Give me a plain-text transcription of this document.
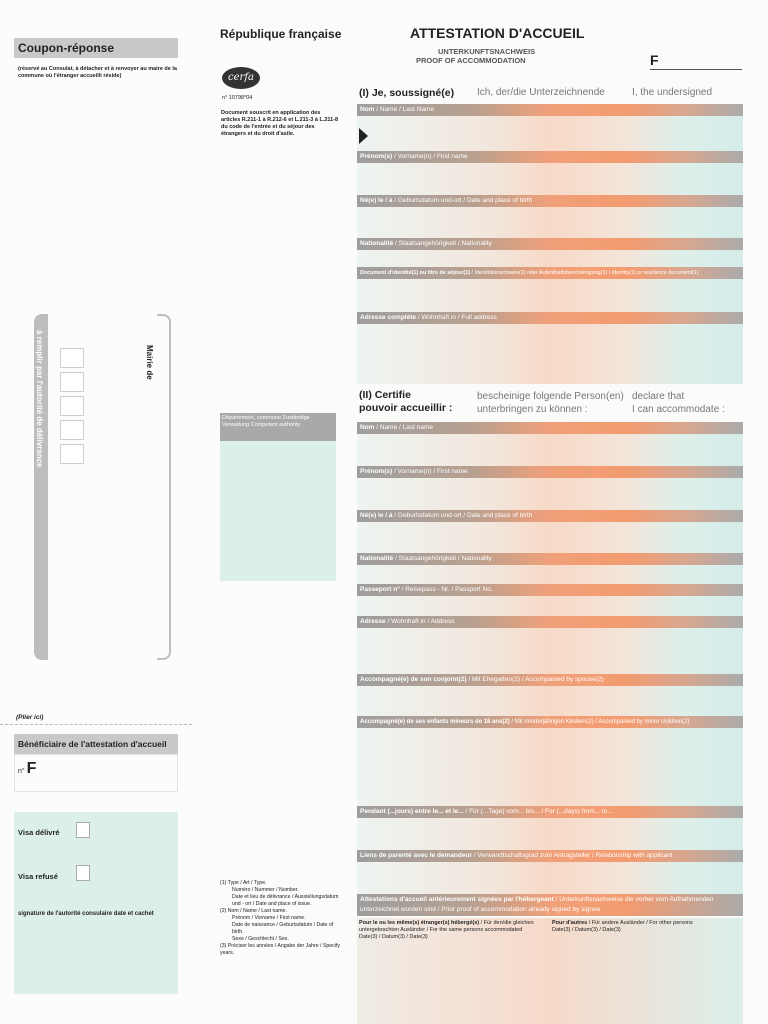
Coupon-réponse
(réservé au Consulat, à détacher et à renvoyer au maire de la commune où l'étranger accueilli réside)
à remplir par l'autorité de délivrance	Mairie de
(Plier ici)
Bénéficiaire de l'attestation d'accueil
n° F
Visa délivré
Visa refusé
signature de l'autorité consulaire date et cachet
République française	ATTESTATION D'ACCUEIL
UNTERKUNFTSNACHWEIS
PROOF OF ACCOMMODATION	F
cerfa
n° 10798*04
Document souscrit en application des articles R.211-1 à R.212-6 et L.211-3 à L.211-8 du code de l'entrée et du séjour des étrangers et du droit d'asile.
(I) Je, soussigné(e) Ich, der/die Unterzeichnende	I, the undersigned
Nom / Name / Last Name
Prénom(s) / Vorname(n) / First name
Né(e) le / à / Geburtsdatum und-ort / Date and place of birth
Nationalité / Staatsangehörigkeit / Nationality
Document d'identité(1) ou titre de séjour(1) / Identitätsnachweis(1) oder Aufenthaltsbescheinigung(1) / Identity(1) or residence document(1)
Adresse complète / Wohnhaft in / Full address
(II) Certifie
pouvoir accueillir :
bescheinige folgende Person(en)
unterbringen zu können :
declare that
I can accommodate :
Département, commune Zuständige Verwaltung Competent authority	Nom / Name / Last name
Prénom(s) / Vorname(n) / First name
Né(e) le / à / Geburtsdatum und-ort / Date and place of birth
Nationalité / Staatsangehörigkeit / Nationality
Passeport n° / Reisepass - Nr. / Passport No.
Adresse / Wohnhaft in / Address
Accompagné(e) de son conjoint(2) / Mit Ehegatten(2) / Accompanied by spouse(2)
Accompagné(e) de ses enfants mineurs de 18 ans(2) / Mit minderjährigen Kindern(2) / Accompanied by minor children(2)
Pendant (...jours) entre le... et le... / Für (...Tage) vom... bis... / For (...days) from... to...
Liens de parenté avec le demandeur / Verwandtschaftsgrad zum Antragsteller / Relationship with applicant
Attestations d'accueil antérieurement signées par l'hébergeant / Unterkunftsnachweise die vorher vom Aufnahmenden
unterzeichnet worden sind / Prior proof of accommodation already signed by signee
Pour le ou les même(s) étranger(s) hébergé(s) / Für den/die gleichen untergebrachten Ausländer / For the same persons accommodated
Date(3) / Datum(3) / Date(3)
Pour d'autres / Für andere Ausländer / For other persons
Date(3) / Datum(3) / Date(3)
(1) Type / Art / Type.
Numéro / Nummer / Number.
Date et lieu de délivrance / Ausstellungsdatum und - ort / Date and place of issue.
(2) Nom / Name / Last name.
Prénom / Vorname / First name.
Date de naissance / Geburtsdatum / Date of birth.
Sexe / Geschlecht / Sex.
(3) Préciser les années / Angabe der Jahre / Specify years.
